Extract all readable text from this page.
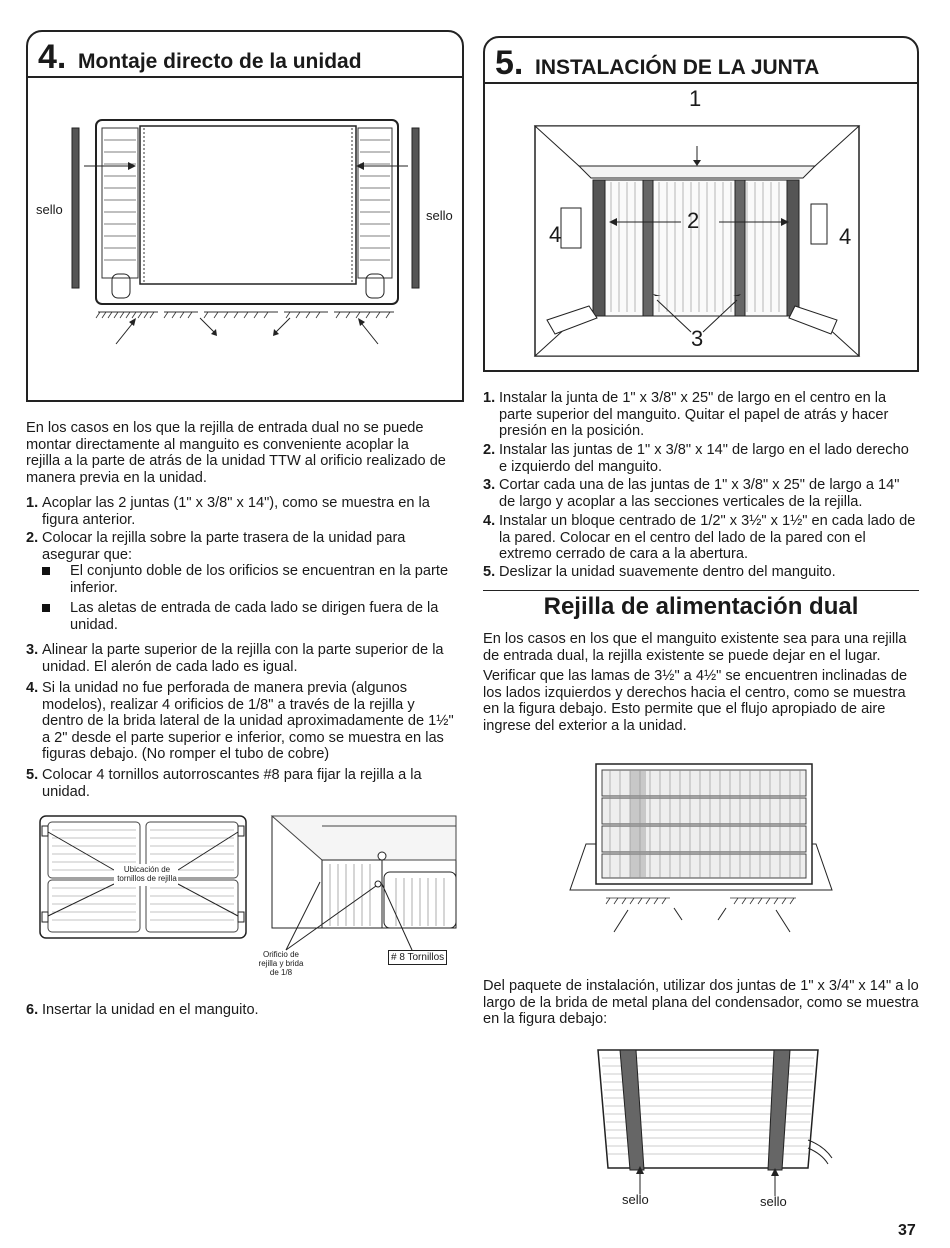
4. Montaje directo de la unidad
sello	sello
5. INSTALACIÓN DE LA JUNTA
1
2
3
4	4
En los casos en los que la rejilla de entrada dual no se puede montar directamente al manguito es conveniente acoplar la rejilla a la parte de atrás de la unidad TTW al orificio realizado de manera previa en la unidad.
1. Acoplar las 2 juntas (1" x 3/8" x 14"), como se muestra en la figura anterior.
2. Colocar la rejilla sobre la parte trasera de la unidad para asegurar que:
El conjunto doble de los orificios se encuentran en la parte inferior.
Las aletas de entrada de cada lado se dirigen fuera de la unidad.
3. Alinear la parte superior de la rejilla con la parte superior de la unidad. El alerón de cada lado es igual.
4. Si la unidad no fue perforada de manera previa (algunos modelos), realizar 4 orificios de 1/8" a través de la rejilla y dentro de la brida lateral de la unidad aproximadamente de 1½" a 2" desde el parte superior e inferior, como se muestra en las figuras debajo. (No romper el tubo de cobre)
5. Colocar 4 tornillos autorroscantes #8 para fijar la rejilla a la unidad.
Ubicación de tornillos de rejilla
Orificio de rejilla y brida de 1/8
# 8 Tornillos
6. Insertar la unidad en el manguito.
1. Instalar la junta de 1" x 3/8" x 25" de largo en el centro en la parte superior del manguito. Quitar el papel de atrás y hacer presión en la posición.
2. Instalar las juntas de 1" x 3/8" x 14" de largo en el lado derecho e izquierdo del manguito.
3. Cortar cada una de las juntas de 1" x 3/8" x 25" de largo a 14" de largo y acoplar a las secciones verticales de la rejilla.
4. Instalar un bloque centrado de 1/2" x 3½" x 1½" en cada lado de la pared. Colocar en el centro del lado de la pared con el extremo cerrado de cara a la abertura.
5. Deslizar la unidad suavemente dentro del manguito.
Rejilla de alimentación dual
En los casos en los que el manguito existente sea para una rejilla de entrada dual, la rejilla existente se puede dejar en el lugar.
Verificar que las lamas de 3½" a 4½" se encuentren inclinadas de los lados izquierdos y derechos hacia el centro, como se muestra en la figura debajo. Esto permite que el flujo apropiado de aire ingrese del exterior a la unidad.
Del paquete de instalación, utilizar dos juntas de 1" x 3/4" x 14" a lo largo de la brida de metal plana del condensador, como se muestra en la figura debajo:
sello	sello
37
